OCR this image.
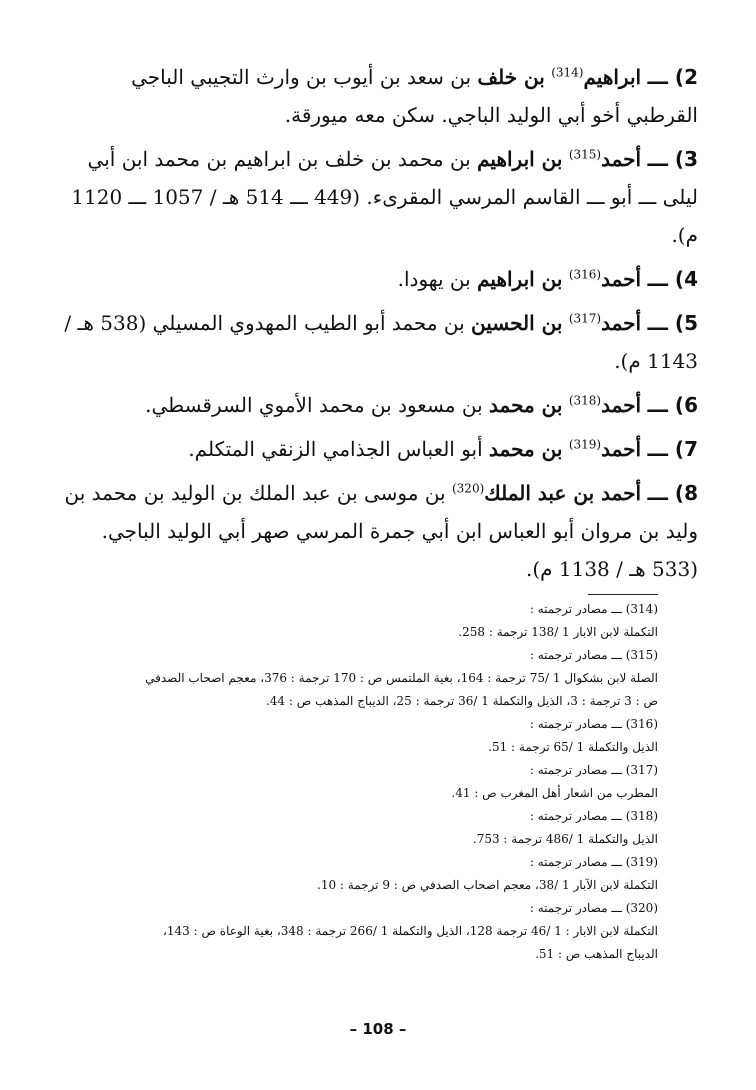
2) ـــ ابراهيم$^{(314)}$ بن خلف بن سعد بن أيوب بن وارث التجيبي الباجي القرطبي أخو أبي الوليد الباجي. سكن معه ميورقة.

3) ـــ أحمد$^{(315)}$ بن ابراهيم بن محمد بن خلف بن ابراهيم بن محمد ابن أبي ليلى ـــ أبو ـــ القاسم المرسي المقرىء. (449 ـــ 514 هـ / 1057 ـــ 1120 م).

4) ـــ أحمد$^{(316)}$ بن ابراهيم بن يهودا.

5) ـــ أحمد$^{(317)}$ بن الحسين بن محمد أبو الطيب المهدوي المسيلي (538 هـ / 1143 م).

6) ـــ أحمد$^{(318)}$ بن محمد بن مسعود بن محمد الأموي السرقسطي.

7) ـــ أحمد$^{(319)}$ بن محمد أبو العباس الجذامي الزنقي المتكلم.

8) ـــ أحمد بن عبد الملك$^{(320)}$ بن موسى بن عبد الملك بن الوليد بن محمد بن وليد بن مروان أبو العباس ابن أبي جمرة المرسي صهر أبي الوليد الباجي. (533 هـ / 1138 م).

(314) ـــ مصادر ترجمته :
التكملة لابن الابار 1 /138 ترجمة : 258.
(315) ـــ مصادر ترجمته :
الصلة لابن بشكوال 1 /75 ترجمة : 164، بغية الملتمس ص : 170 ترجمة : 376، معجم اصحاب الصدفي
ص : 3 ترجمة : 3، الذيل والتكملة 1 /36 ترجمة : 25، الديباج المذهب ص : 44.
(316) ـــ مصادر ترجمته :
الذيل والتكملة 1 /65 ترجمة : 51.
(317) ـــ مصادر ترجمته :
المطرب من اشعار أهل المغرب ص : 41.
(318) ـــ مصادر ترجمته :
الذيل والتكملة 1 /486 ترجمة : 753.
(319) ـــ مصادر ترجمته :
التكملة لابن الآبار 1 /38، معجم اصحاب الصدفي ص : 9 ترجمة : 10.
(320) ـــ مصادر ترجمته :
التكملة لابن الابار : 1 /46 ترجمة 128، الذيل والتكملة 1 /266 ترجمة : 348، بغية الوعاة ص : 143،
الديباج المذهب ص : 51.
– 108 –
